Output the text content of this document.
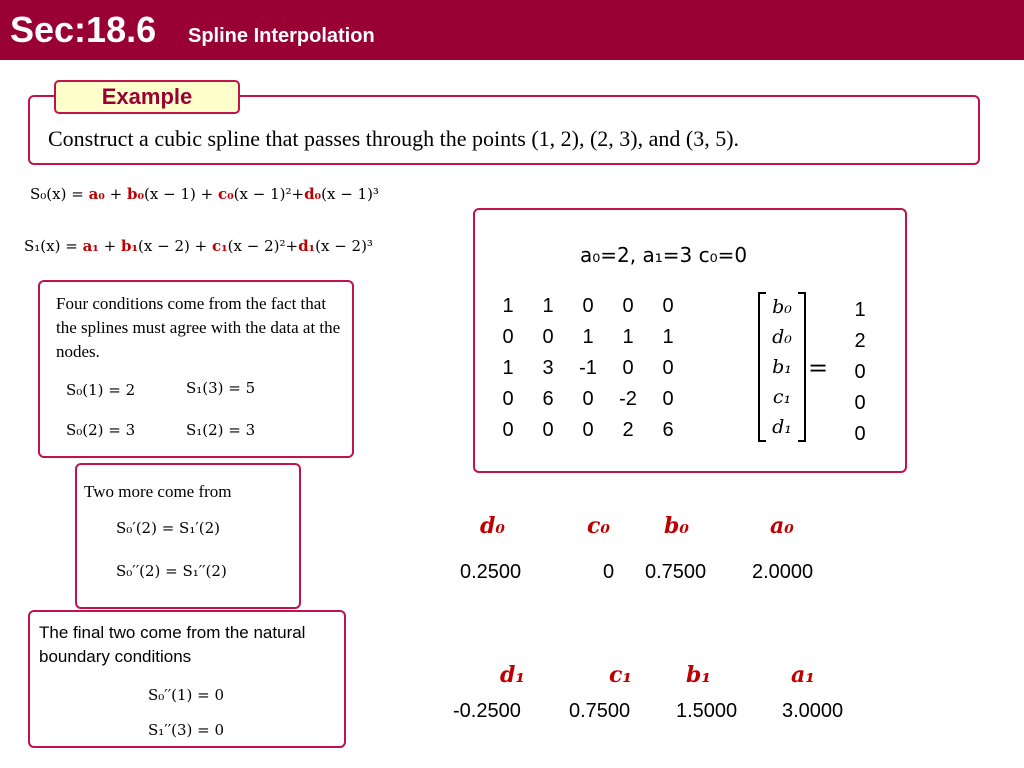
Sec:18.6 Spline Interpolation
Example
Construct a cubic spline that passes through the points (1, 2), (2, 3), and (3, 5).
S₀(x) = a₀ + b₀(x − 1) + c₀(x − 1)²+d₀(x − 1)³
S₁(x) = a₁ + b₁(x − 2) + c₁(x − 2)²+d₁(x − 2)³
Four conditions come from the fact that the splines must agree with the data at the nodes.
S₀(1) = 2	S₁(3) = 5
S₀(2) = 3	S₁(2) = 3
Two more come from
S₀′(2) = S₁′(2)
S₀′′(2) = S₁′′(2)
The final two come from the natural boundary conditions
S₀′′(1) = 0
S₁′′(3) = 0
a₀=2, a₁=3 c₀=0
1	1	0	0	0
0	0	1	1	1
1	3	-1	0	0
0	6	0	-2	0
0	0	0	2	6
b₀
d₀
b₁
c₁
d₁
=
1
2
0
0
0
d₀	c₀ b₀	a₀
0.2500	0 0.7500 2.0000
d₁	c₁ b₁	a₁
-0.2500 0.7500 1.5000 3.0000
